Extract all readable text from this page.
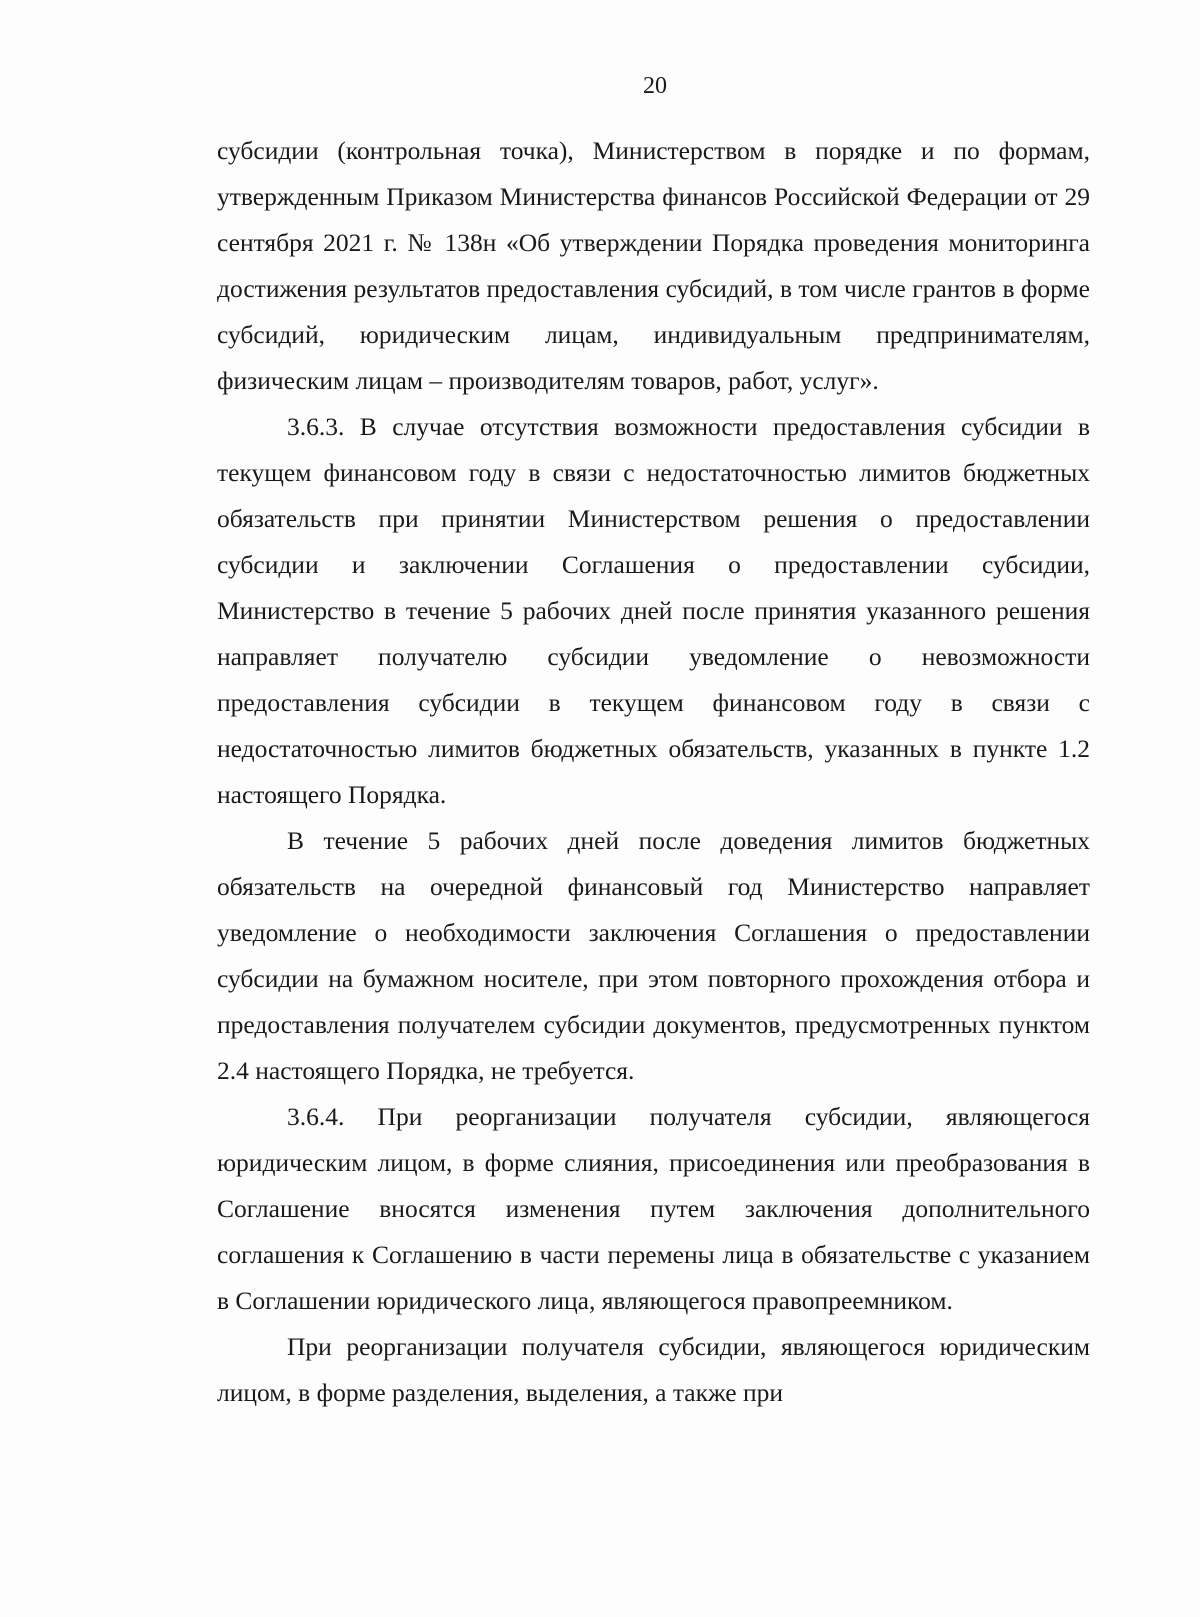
20

субсидии (контрольная точка), Министерством в порядке и по формам, утвержденным Приказом Министерства финансов Российской Федерации от 29 сентября 2021 г. № 138н «Об утверждении Порядка проведения мониторинга достижения результатов предоставления субсидий, в том числе грантов в форме субсидий, юридическим лицам, индивидуальным предпринимателям, физическим лицам – производителям товаров, работ, услуг».

3.6.3. В случае отсутствия возможности предоставления субсидии в текущем финансовом году в связи с недостаточностью лимитов бюджетных обязательств при принятии Министерством решения о предоставлении субсидии и заключении Соглашения о предоставлении субсидии, Министерство в течение 5 рабочих дней после принятия указанного решения направляет получателю субсидии уведомление о невозможности предоставления субсидии в текущем финансовом году в связи с недостаточностью лимитов бюджетных обязательств, указанных в пункте 1.2 настоящего Порядка.

В течение 5 рабочих дней после доведения лимитов бюджетных обязательств на очередной финансовый год Министерство направляет уведомление о необходимости заключения Соглашения о предоставлении субсидии на бумажном носителе, при этом повторного прохождения отбора и предоставления получателем субсидии документов, предусмотренных пунктом 2.4 настоящего Порядка, не требуется.

3.6.4. При реорганизации получателя субсидии, являющегося юридическим лицом, в форме слияния, присоединения или преобразования в Соглашение вносятся изменения путем заключения дополнительного соглашения к Соглашению в части перемены лица в обязательстве с указанием в Соглашении юридического лица, являющегося правопреемником.

При реорганизации получателя субсидии, являющегося юридическим лицом, в форме разделения, выделения, а также при
